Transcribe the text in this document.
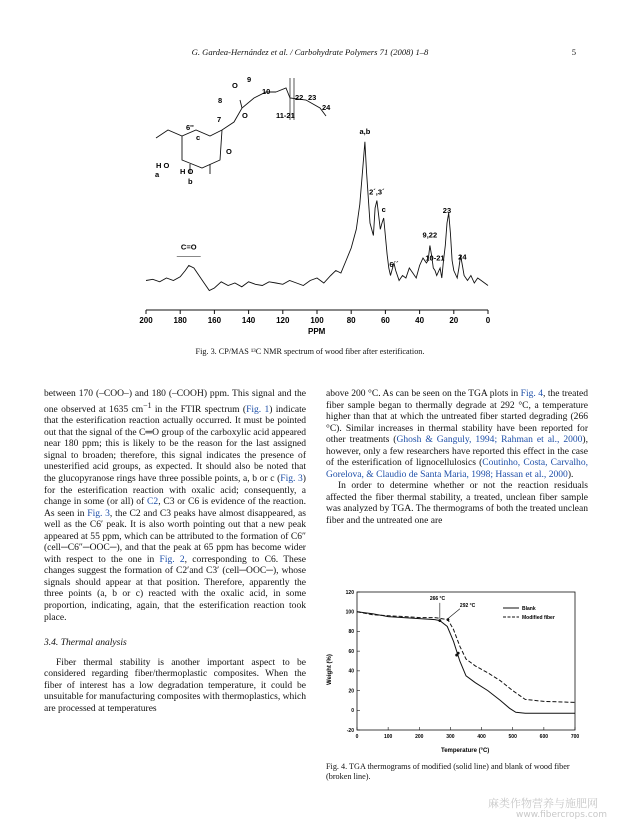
G. Gardea-Hernández et al. / Carbohydrate Polymers 71 (2008) 1–8	5
9
10
22 23
24
11-21
8
7
6''
c
H O
a	H O
b
O
O
O
200	180	160	140	120	100	80	60	40	20	0
a,b
2´,3´
c	23
10-21
9,22
6´´
24
C=O
PPM
Fig. 3. CP/MAS ¹³C NMR spectrum of wood fiber after esterification.

between 170 (–COO–) and 180 (–COOH) ppm. This signal and the one observed at 1635 $cm^{-1}$ in the FTIR spectrum (Fig. 1) indicate that the esterification reaction actually occurred. It must be pointed out that the signal of the C═O group of the carboxylic acid appeared near 180 ppm; this is likely to be the reason for the last assigned signal to broaden; therefore, this signal indicates the presence of unesterified acid groups, as expected. It should also be noted that the glucopyranose rings have three possible points, a, b or c (Fig. 3) for the esterification reaction with oxalic acid; consequently, a change in some (or all) of C2, C3 or C6 is evidence of the reaction. As seen in Fig. 3, the C2 and C3 peaks have almost disappeared, as well as the C6′ peak. It is also worth pointing out that a new peak appeared at 55 ppm, which can be attributed to the formation of C6″ (cell─C6″─OOC─), and that the peak at 65 ppm has become wider with respect to the one in Fig. 2, corresponding to C6. These changes suggest the formation of C2′and C3′ (cell─OOC─), whose signals should appear at that position. Therefore, apparently the three points (a, b or c) reacted with the oxalic acid, in some proportion, indicating, again, that the esterification reaction took place.

3.4. Thermal analysis

Fiber thermal stability is another important aspect to be considered regarding fiber/thermoplastic composites. When the fiber of interest has a low degradation temperature, it could be unsuitable for manufacturing composites with thermoplastics, which are processed at temperatures

above 200 °C. As can be seen on the TGA plots in Fig. 4, the treated fiber sample began to thermally degrade at 292 °C, a temperature higher than that at which the untreated fiber started degrading (266 °C). Similar increases in thermal stability have been reported for other treatments (Ghosh & Ganguly, 1994; Rahman et al., 2000), however, only a few researchers have reported this effect in the case of the esterification of lignocellulosics (Coutinho, Costa, Carvalho, Gorelova, & Claudio de Santa Maria, 1998; Hassan et al., 2000).

In order to determine whether or not the reaction residuals affected the fiber thermal stability, a treated, unclean fiber sample was analyzed by TGA. The thermograms of both the treated unclean fiber and the untreated one are

0	100	200	300	400	500	600	700
-20
0
20
40
60
80
100
120
Blank
Modified fiber
266 °C
292 °C
Temperature (°C)
Weight (%)
Fig. 4. TGA thermograms of modified (solid line) and blank of wood fiber (broken line).
麻类作物营养与施肥网
www.fibercrops.com
